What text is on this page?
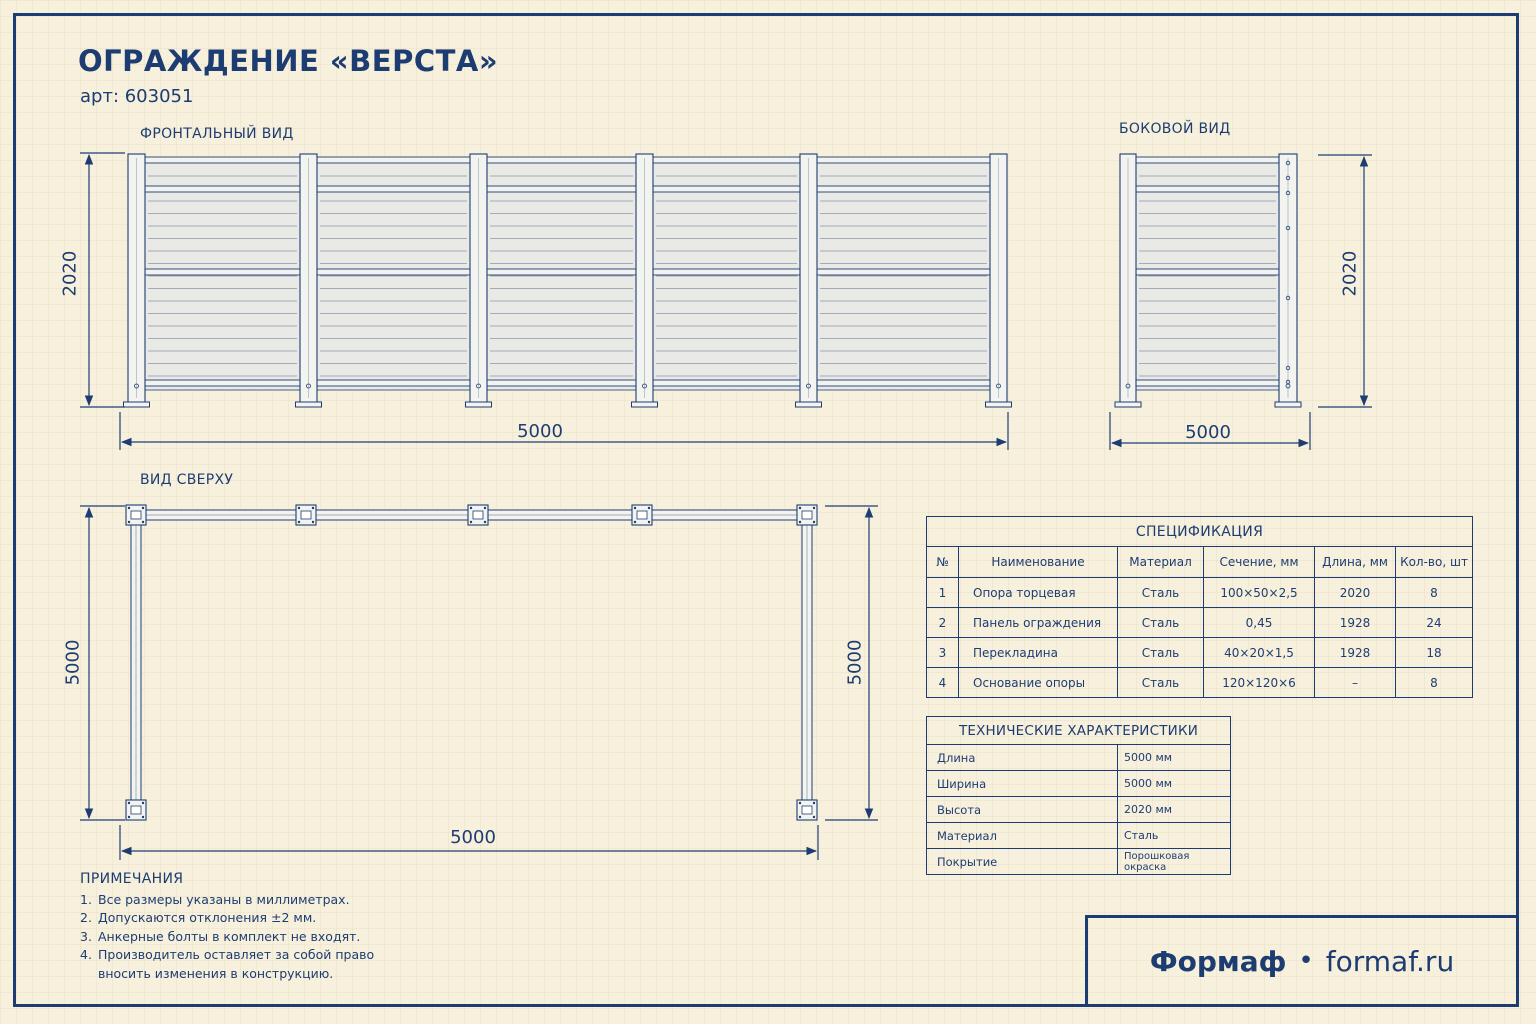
ОГРАЖДЕНИЕ «ВЕРСТА»
арт: 603051
ФРОНТАЛЬНЫЙ ВИД	БОКОВОЙ ВИД
ВИД СВЕРХУ
2020
5000
2020
5000
5000	5000
5000
ПРИМЕЧАНИЯ
1. Все размеры указаны в миллиметрах.
2. Допускаются отклонения ±2 мм.
3. Анкерные болты в комплект не входят.
4. Производитель оставляет за собой право вносить изменения в конструкцию.
СПЕЦИФИКАЦИЯ					
№	Наименование	Материал	Сечение, мм	Длина, мм	Кол-во, шт
1	Опора торцевая	Сталь	100×50×2,5	2020	8
2	Панель ограждения	Сталь	0,45	1928	24
3	Перекладина	Сталь	40×20×1,5	1928	18
4	Основание опоры	Сталь	120×120×6	–	8
ТЕХНИЧЕСКИЕ ХАРАКТЕРИСТИКИ	
Длина	5000 мм
Ширина	5000 мм
Высота	2020 мм
Материал	Сталь
Покрытие	Порошковая окраска
Формаф • formaf.ru
